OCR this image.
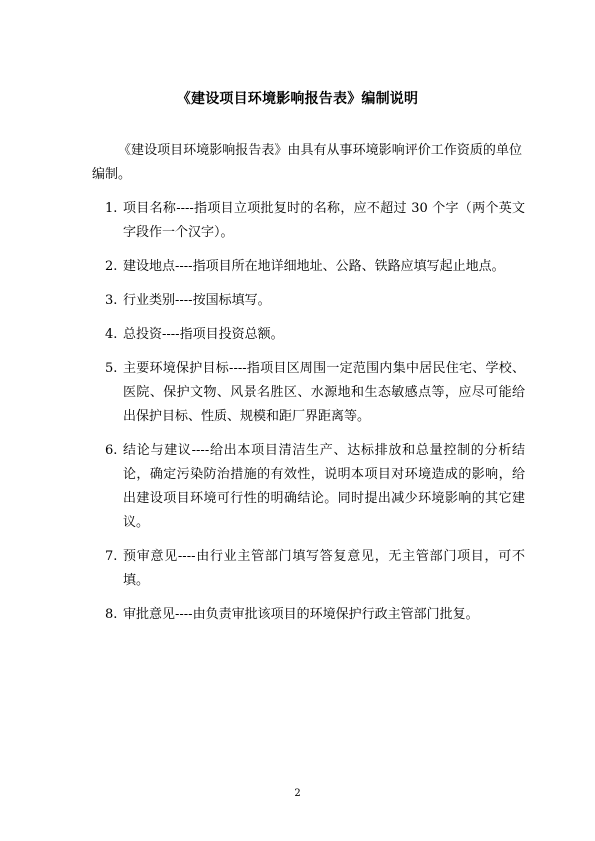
《建设项目环境影响报告表》编制说明
《建设项目环境影响报告表》由具有从事环境影响评价工作资质的单位编制。
1. 项目名称----指项目立项批复时的名称，应不超过 30 个字（两个英文字段作一个汉字）。
2. 建设地点----指项目所在地详细地址、公路、铁路应填写起止地点。
3. 行业类别----按国标填写。
4. 总投资----指项目投资总额。
5. 主要环境保护目标----指项目区周围一定范围内集中居民住宅、学校、医院、保护文物、风景名胜区、水源地和生态敏感点等，应尽可能给出保护目标、性质、规模和距厂界距离等。
6. 结论与建议----给出本项目清洁生产、达标排放和总量控制的分析结论，确定污染防治措施的有效性，说明本项目对环境造成的影响，给出建设项目环境可行性的明确结论。同时提出减少环境影响的其它建议。
7. 预审意见----由行业主管部门填写答复意见，无主管部门项目，可不填。
8. 审批意见----由负责审批该项目的环境保护行政主管部门批复。
2
